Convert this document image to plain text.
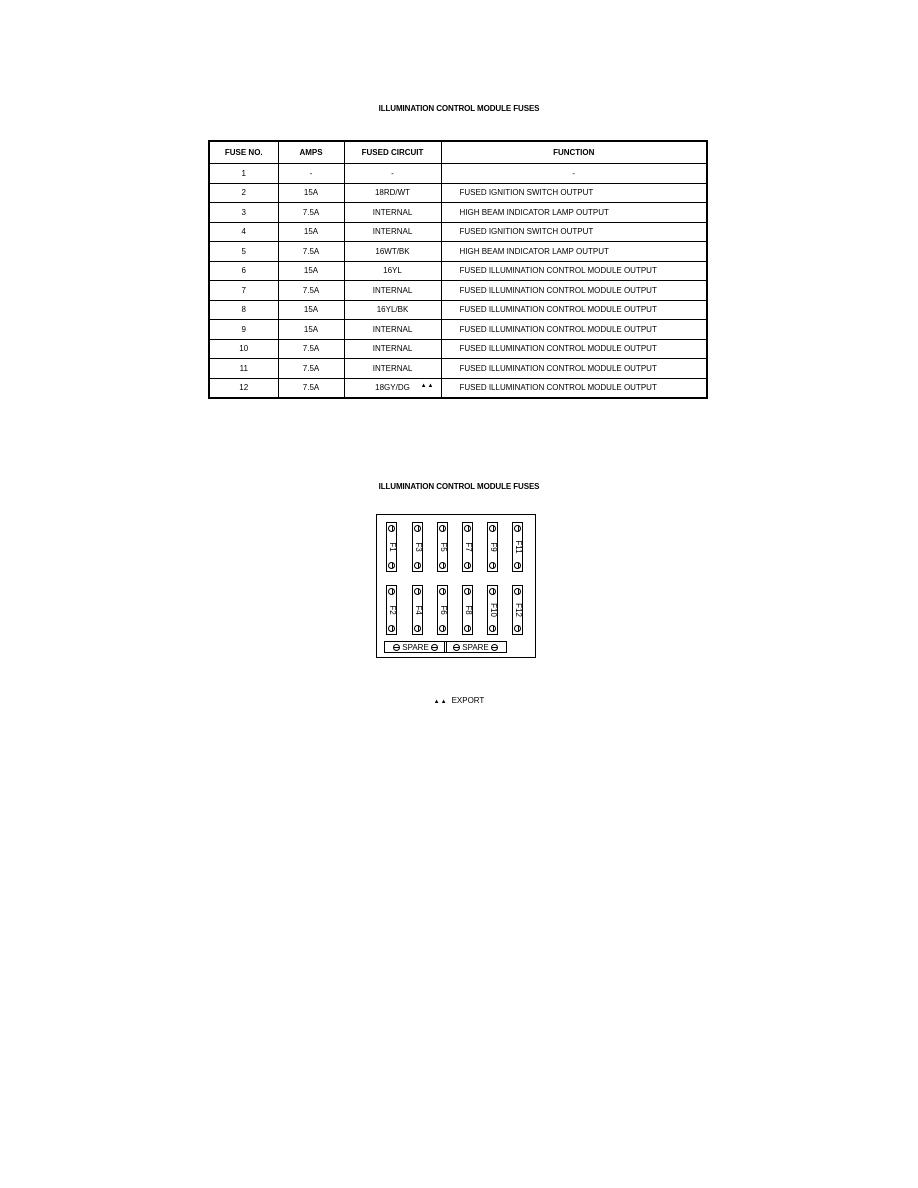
ILLUMINATION CONTROL MODULE FUSES
FUSE NO.	AMPS	FUSED CIRCUIT	FUNCTION
1	-	-	-
2	15A	18RD/WT	FUSED IGNITION SWITCH OUTPUT
3	7.5A	INTERNAL	HIGH BEAM INDICATOR LAMP OUTPUT
4	15A	INTERNAL	FUSED IGNITION SWITCH OUTPUT
5	7.5A	16WT/BK	HIGH BEAM INDICATOR LAMP OUTPUT
6	15A	16YL	FUSED ILLUMINATION CONTROL MODULE OUTPUT
7	7.5A	INTERNAL	FUSED ILLUMINATION CONTROL MODULE OUTPUT
8	15A	16YL/BK	FUSED ILLUMINATION CONTROL MODULE OUTPUT
9	15A	INTERNAL	FUSED ILLUMINATION CONTROL MODULE OUTPUT
10	7.5A	INTERNAL	FUSED ILLUMINATION CONTROL MODULE OUTPUT
11	7.5A	INTERNAL	FUSED ILLUMINATION CONTROL MODULE OUTPUT
12	7.5A	18GY/DG ▲▲	FUSED ILLUMINATION CONTROL MODULE OUTPUT
ILLUMINATION CONTROL MODULE FUSES
F1 F3 F5 F7 F9 F11
F2 F4 F6 F8 F10 F12
SPARE	SPARE
▲▲ EXPORT
